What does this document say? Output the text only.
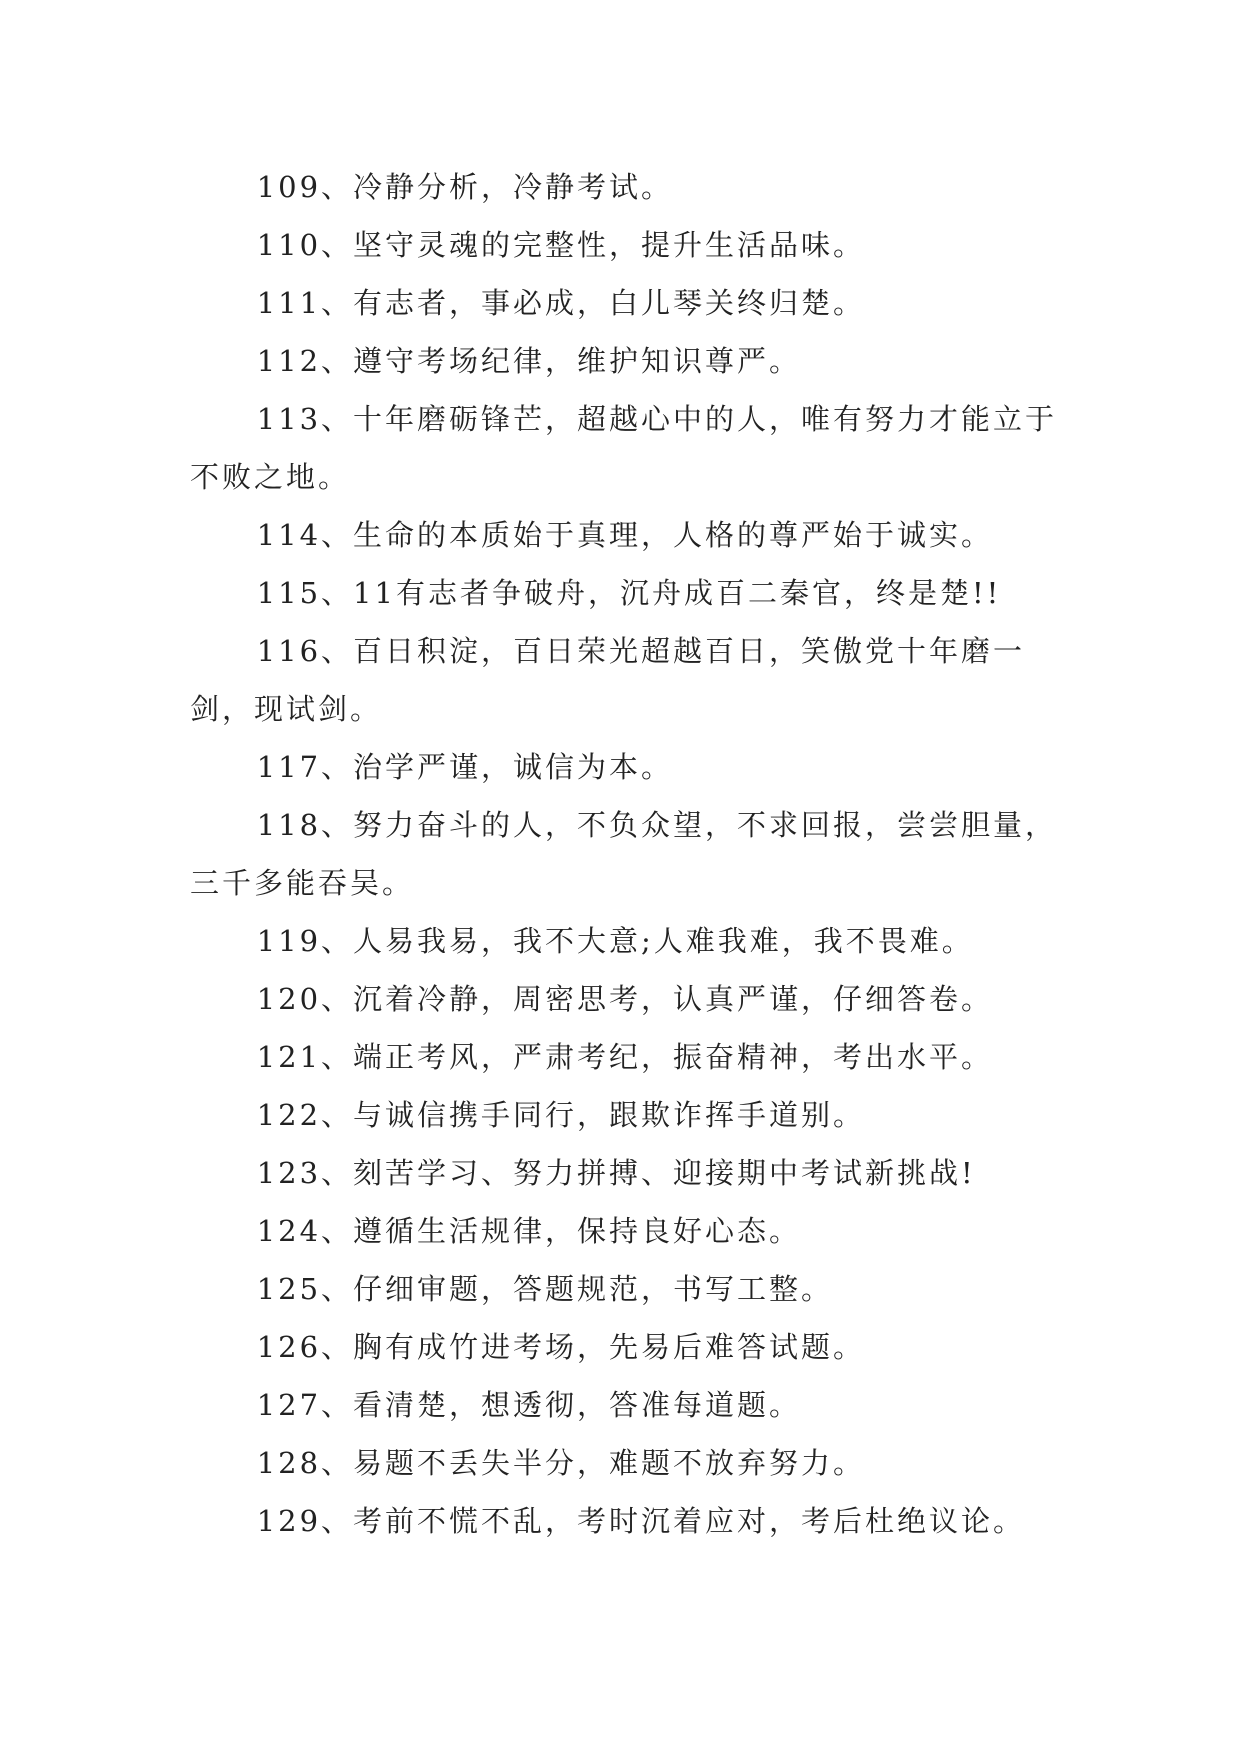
109、冷静分析，冷静考试。

110、坚守灵魂的完整性，提升生活品味。

111、有志者，事必成，白儿琴关终归楚。

112、遵守考场纪律，维护知识尊严。

113、十年磨砺锋芒，超越心中的人，唯有努力才能立于不败之地。

114、生命的本质始于真理，人格的尊严始于诚实。

115、11有志者争破舟，沉舟成百二秦官，终是楚!!

116、百日积淀，百日荣光超越百日，笑傲党十年磨一剑，现试剑。

117、治学严谨，诚信为本。

118、努力奋斗的人，不负众望，不求回报，尝尝胆量，三千多能吞吴。

119、人易我易，我不大意;人难我难，我不畏难。

120、沉着冷静，周密思考，认真严谨，仔细答卷。

121、端正考风，严肃考纪，振奋精神，考出水平。

122、与诚信携手同行，跟欺诈挥手道别。

123、刻苦学习、努力拼搏、迎接期中考试新挑战!

124、遵循生活规律，保持良好心态。

125、仔细审题，答题规范，书写工整。

126、胸有成竹进考场，先易后难答试题。

127、看清楚，想透彻，答准每道题。

128、易题不丢失半分，难题不放弃努力。

129、考前不慌不乱，考时沉着应对，考后杜绝议论。
